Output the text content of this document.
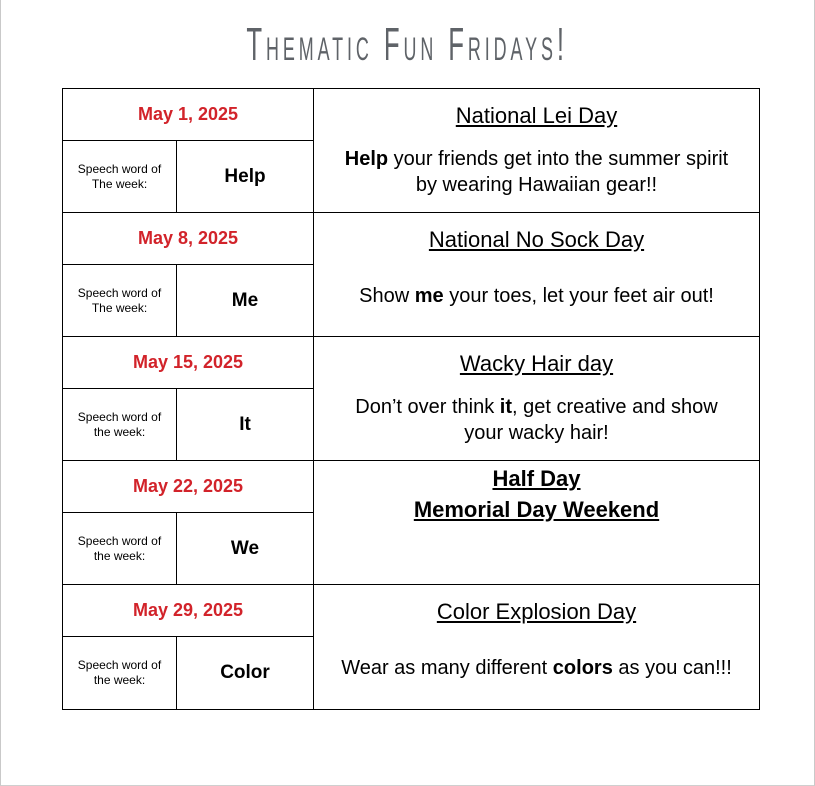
Thematic Fun Fridays!
May 1, 2025
Speech word of
The week:	Help
National Lei Day
Help your friends get into the summer spirit by wearing Hawaiian gear!!
May 8, 2025
Speech word of
The week:	Me
National No Sock Day
Show me your toes, let your feet air out!
May 15, 2025
Speech word of
the week:	It
Wacky Hair day
Don’t over think it, get creative and show your wacky hair!
May 22, 2025
Speech word of
the week:	We
Half Day
Memorial Day Weekend
May 29, 2025
Speech word of
the week:	Color
Color Explosion Day
Wear as many different colors as you can!!!
